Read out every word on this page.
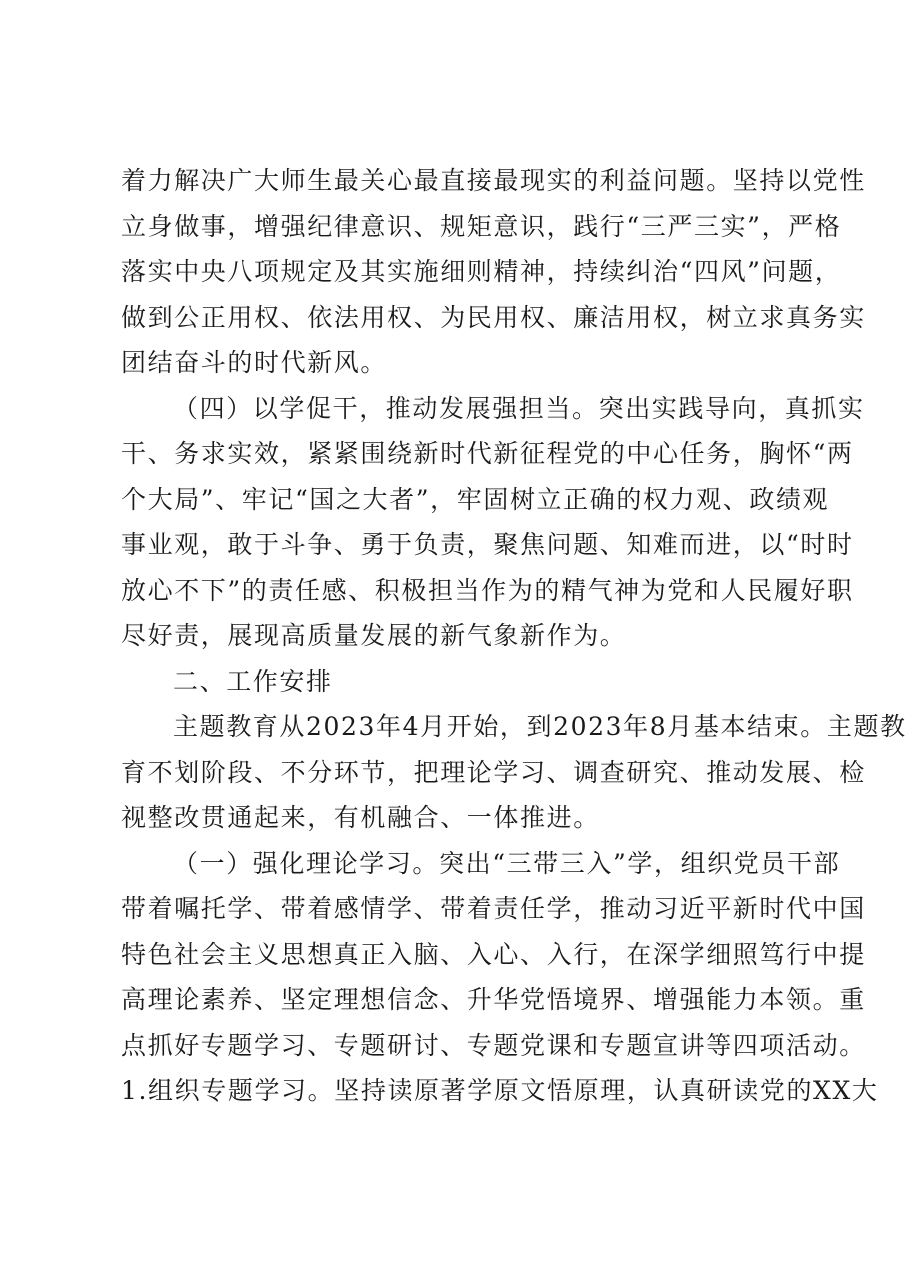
着力解决广大师生最关心最直接最现实的利益问题。坚持以党性
立身做事，增强纪律意识、规矩意识，践行“三严三实”，严格
落实中央八项规定及其实施细则精神，持续纠治“四风”问题，
做到公正用权、依法用权、为民用权、廉洁用权，树立求真务实
团结奋斗的时代新风。
（四）以学促干，推动发展强担当。突出实践导向，真抓实
干、务求实效，紧紧围绕新时代新征程党的中心任务，胸怀“两
个大局”、牢记“国之大者”，牢固树立正确的权力观、政绩观
事业观，敢于斗争、勇于负责，聚焦问题、知难而进，以“时时
放心不下”的责任感、积极担当作为的精气神为党和人民履好职
尽好责，展现高质量发展的新气象新作为。
二、工作安排
主题教育从2023年4月开始，到2023年8月基本结束。主题教
育不划阶段、不分环节，把理论学习、调查研究、推动发展、检
视整改贯通起来，有机融合、一体推进。
（一）强化理论学习。突出“三带三入”学，组织党员干部
带着嘱托学、带着感情学、带着责任学，推动习近平新时代中国
特色社会主义思想真正入脑、入心、入行，在深学细照笃行中提
高理论素养、坚定理想信念、升华党悟境界、增强能力本领。重
点抓好专题学习、专题研讨、专题党课和专题宣讲等四项活动。
1.组织专题学习。坚持读原著学原文悟原理，认真研读党的XX大
